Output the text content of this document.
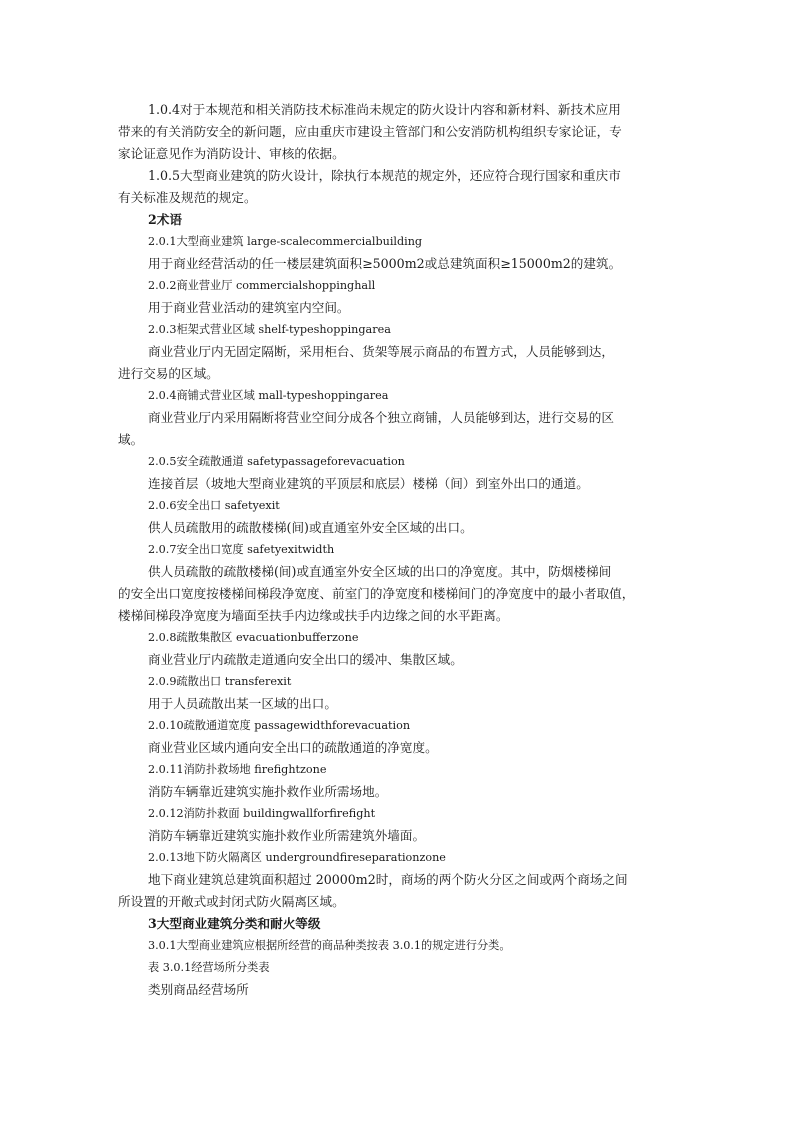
1.0.4对于本规范和相关消防技术标准尚未规定的防火设计内容和新材料、新技术应用
带来的有关消防安全的新问题，应由重庆市建设主管部门和公安消防机构组织专家论证，专
家论证意见作为消防设计、审核的依据。
1.0.5大型商业建筑的防火设计，除执行本规范的规定外，还应符合现行国家和重庆市
有关标准及规范的规定。
2术语
2.0.1大型商业建筑 large-scalecommercialbuilding
用于商业经营活动的任一楼层建筑面积≥5000m2或总建筑面积≥15000m2的建筑。
2.0.2商业营业厅 commercialshoppinghall
用于商业营业活动的建筑室内空间。
2.0.3柜架式营业区域 shelf-typeshoppingarea
商业营业厅内无固定隔断，采用柜台、货架等展示商品的布置方式，人员能够到达，
进行交易的区域。
2.0.4商铺式营业区域 mall-typeshoppingarea
商业营业厅内采用隔断将营业空间分成各个独立商铺，人员能够到达，进行交易的区
域。
2.0.5安全疏散通道 safetypassageforevacuation
连接首层（坡地大型商业建筑的平顶层和底层）楼梯（间）到室外出口的通道。
2.0.6安全出口 safetyexit
供人员疏散用的疏散楼梯(间)或直通室外安全区域的出口。
2.0.7安全出口宽度 safetyexitwidth
供人员疏散的疏散楼梯(间)或直通室外安全区域的出口的净宽度。其中，防烟楼梯间
的安全出口宽度按楼梯间梯段净宽度、前室门的净宽度和楼梯间门的净宽度中的最小者取值，
楼梯间梯段净宽度为墙面至扶手内边缘或扶手内边缘之间的水平距离。
2.0.8疏散集散区 evacuationbufferzone
商业营业厅内疏散走道通向安全出口的缓冲、集散区域。
2.0.9疏散出口 transferexit
用于人员疏散出某一区域的出口。
2.0.10疏散通道宽度 passagewidthforevacuation
商业营业区域内通向安全出口的疏散通道的净宽度。
2.0.11消防扑救场地 firefightzone
消防车辆靠近建筑实施扑救作业所需场地。
2.0.12消防扑救面 buildingwallforfirefight
消防车辆靠近建筑实施扑救作业所需建筑外墙面。
2.0.13地下防火隔离区 undergroundfireseparationzone
地下商业建筑总建筑面积超过 20000m2时，商场的两个防火分区之间或两个商场之间
所设置的开敞式或封闭式防火隔离区域。
3大型商业建筑分类和耐火等级
3.0.1大型商业建筑应根据所经营的商品种类按表 3.0.1的规定进行分类。
表 3.0.1经营场所分类表
类别商品经营场所
